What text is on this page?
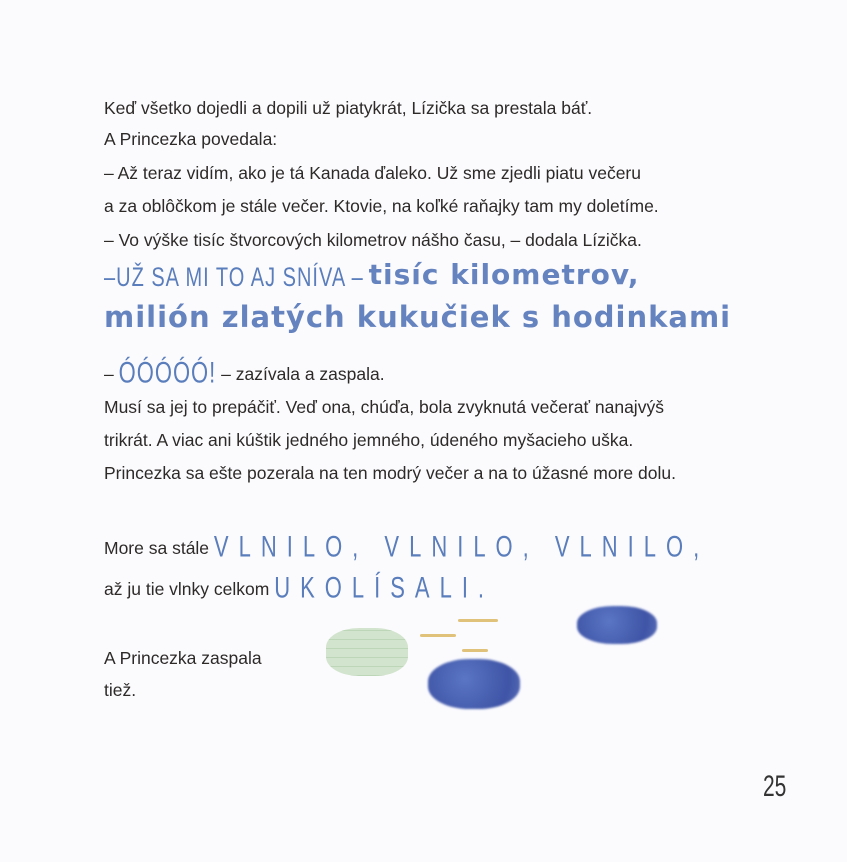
Keď všetko dojedli a dopili už piatykrát, Lízička sa prestala báť.
A Princezka povedala:
– Až teraz vidím, ako je tá Kanada ďaleko. Už sme zjedli piatu večeru
a za oblôčkom je stále večer. Ktovie, na koľké raňajky tam my doletíme.
– Vo výške tisíc štvorcových kilometrov nášho času, – dodala Lízička.
–UŽ SA MI TO AJ SNÍVA – tisíc kilometrov,
milión zlatých kukučiek s hodinkami
– ÓÓÓÓÓ! – zazívala a zaspala.
Musí sa jej to prepáčiť. Veď ona, chúďa, bola zvyknutá večerať nanajvýš
trikrát. A viac ani kúštik jedného jemného, údeného myšacieho uška.
Princezka sa ešte pozerala na ten modrý večer a na to úžasné more dolu.
More sa stále VLNILO, VLNILO, VLNILO,
až ju tie vlnky celkom UKOLÍSALI.
A Princezka zaspala
tiež.
25
